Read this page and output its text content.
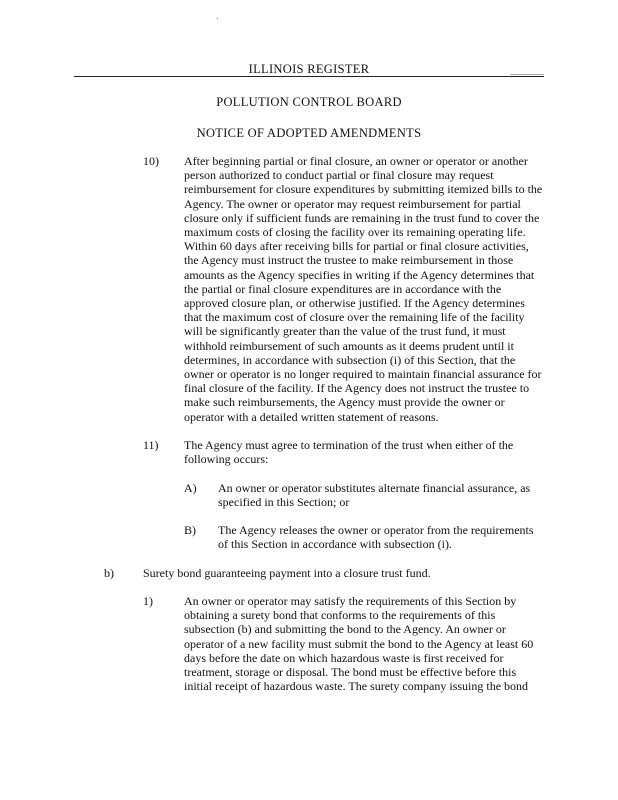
ILLINOIS REGISTER
POLLUTION CONTROL BOARD
NOTICE OF ADOPTED AMENDMENTS
10) After beginning partial or final closure, an owner or operator or another person authorized to conduct partial or final closure may request reimbursement for closure expenditures by submitting itemized bills to the Agency. The owner or operator may request reimbursement for partial closure only if sufficient funds are remaining in the trust fund to cover the maximum costs of closing the facility over its remaining operating life. Within 60 days after receiving bills for partial or final closure activities, the Agency must instruct the trustee to make reimbursement in those amounts as the Agency specifies in writing if the Agency determines that the partial or final closure expenditures are in accordance with the approved closure plan, or otherwise justified. If the Agency determines that the maximum cost of closure over the remaining life of the facility will be significantly greater than the value of the trust fund, it must withhold reimbursement of such amounts as it deems prudent until it determines, in accordance with subsection (i) of this Section, that the owner or operator is no longer required to maintain financial assurance for final closure of the facility. If the Agency does not instruct the trustee to make such reimbursements, the Agency must provide the owner or operator with a detailed written statement of reasons.
11) The Agency must agree to termination of the trust when either of the following occurs:
A) An owner or operator substitutes alternate financial assurance, as specified in this Section; or
B) The Agency releases the owner or operator from the requirements of this Section in accordance with subsection (i).
b) Surety bond guaranteeing payment into a closure trust fund.
1)	An owner or operator may satisfy the requirements of this Section by obtaining a surety bond that conforms to the requirements of this subsection (b) and submitting the bond to the Agency. An owner or operator of a new facility must submit the bond to the Agency at least 60 days before the date on which hazardous waste is first received for treatment, storage or disposal. The bond must be effective before this initial receipt of hazardous waste. The surety company issuing the bond
